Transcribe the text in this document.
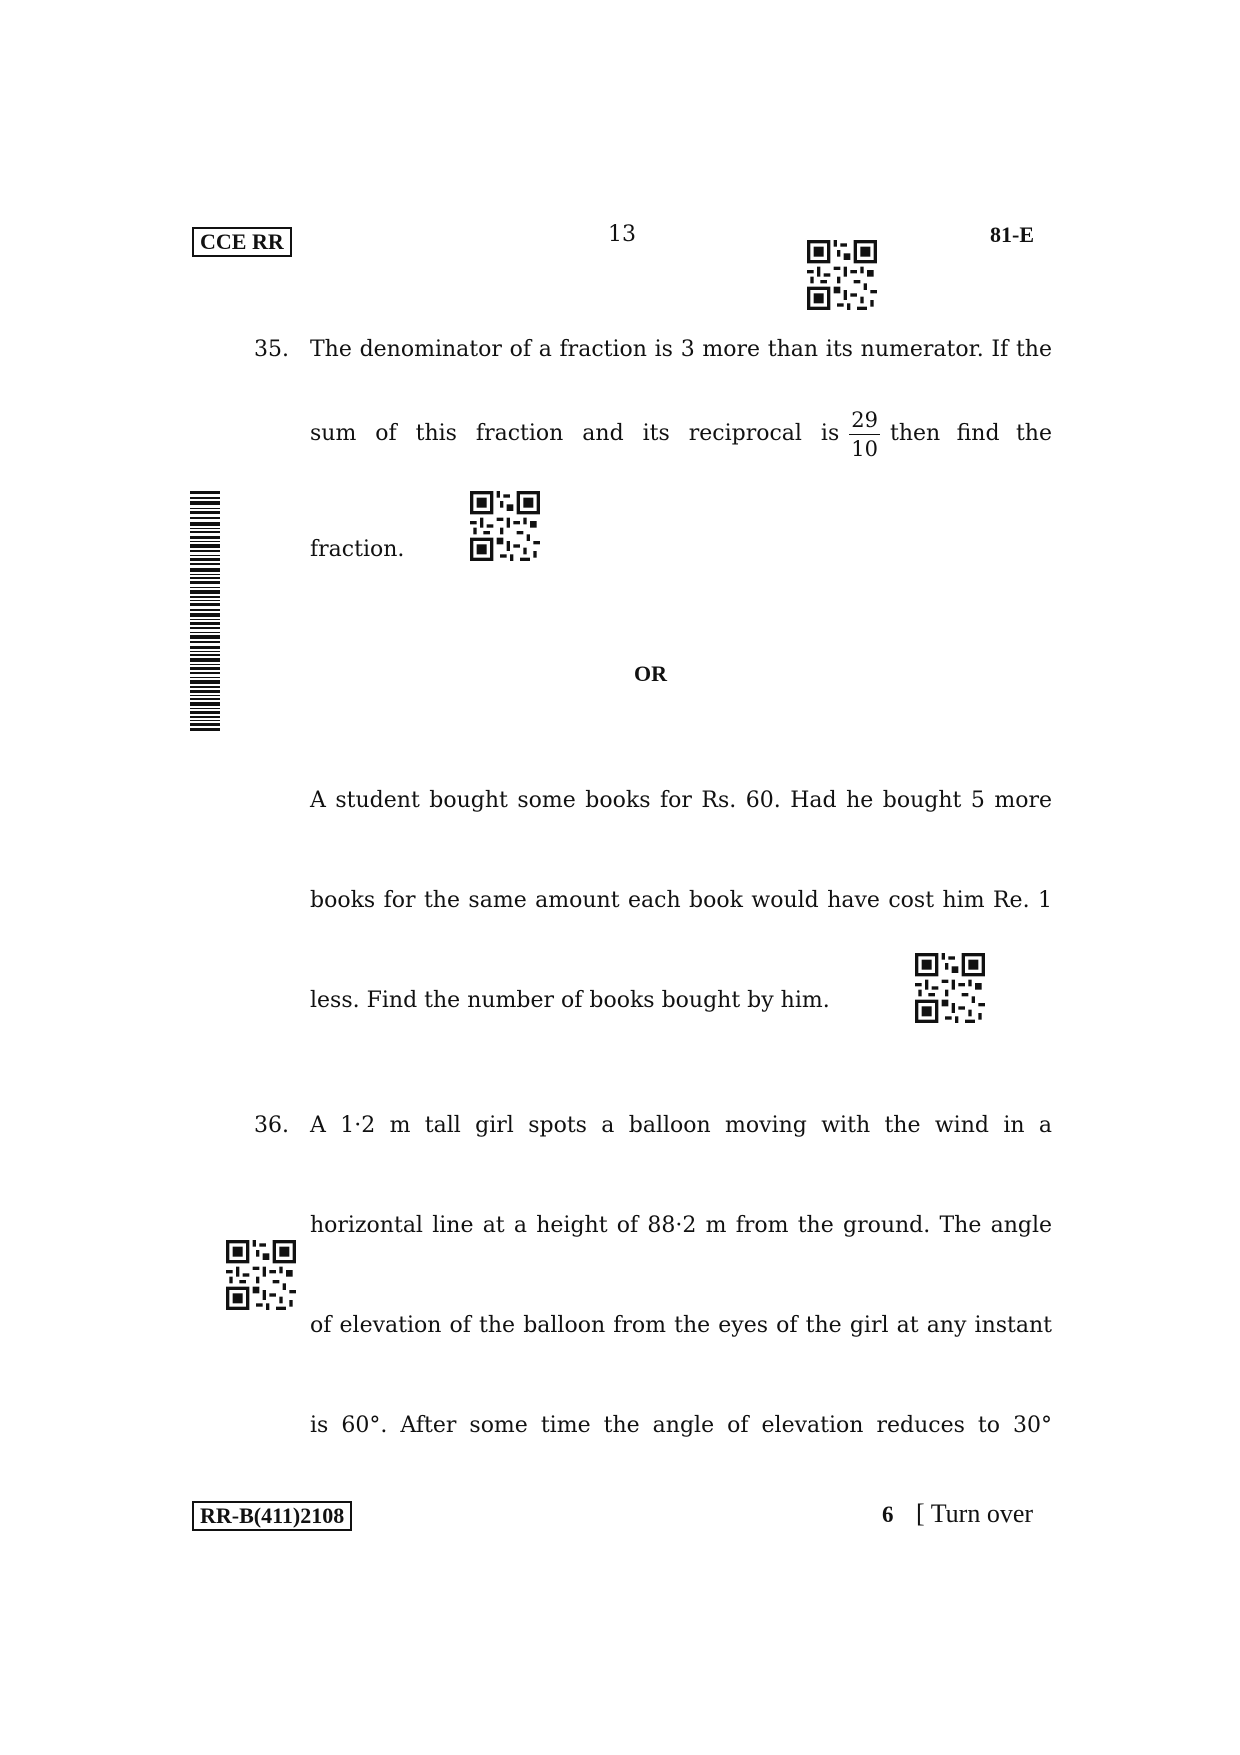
CCE RR	13	81-E
35. The denominator of a fraction is 3 more than its numerator. If the
sum of this fraction and its reciprocal is $\frac{29}{10}$ then find the
fraction.
OR
A student bought some books for Rs. 60. Had he bought 5 more
books for the same amount each book would have cost him Re. 1
less. Find the number of books bought by him.
36. A 1·2 m tall girl spots a balloon moving with the wind in a
horizontal line at a height of 88·2 m from the ground. The angle
of elevation of the balloon from the eyes of the girl at any instant
is 60°. After some time the angle of elevation reduces to 30°
RR-B(411)2108	6 [ Turn over
